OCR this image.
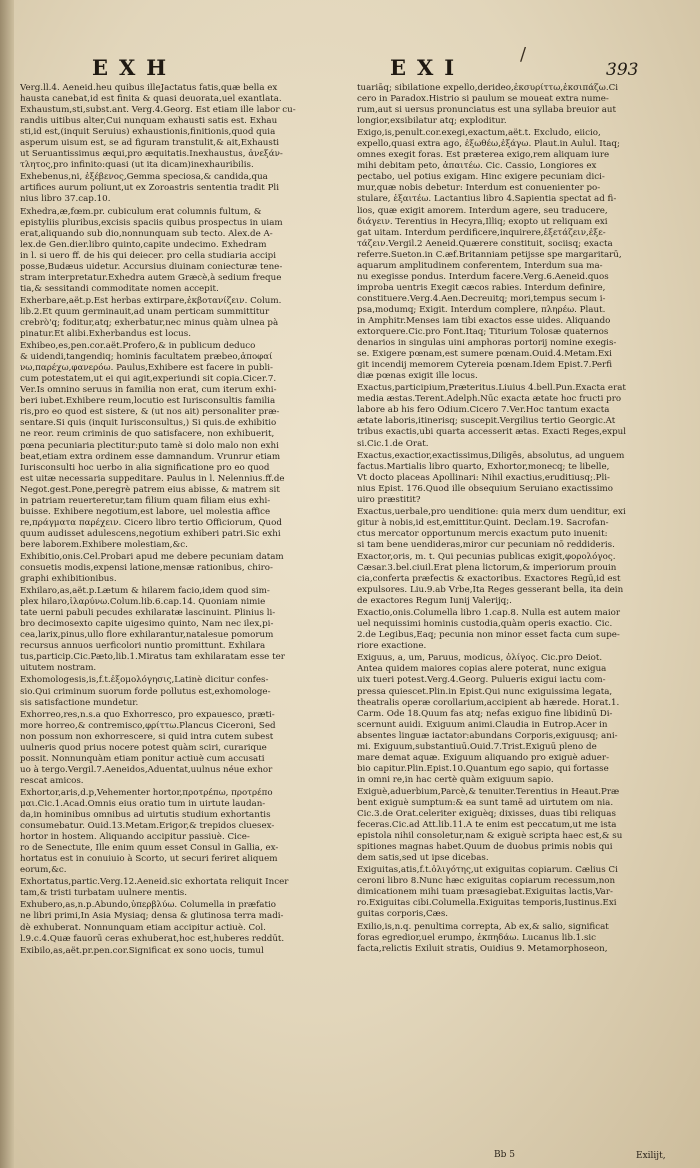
EXH	EXI
/
393
Verg.ll.4. Aeneid.heu quibus illeJactatus fatis,quæ bella ex
hausta canebat,id est finita & quasi deuorata,uel exantlata.
Exhaustum,sti,subst.ant. Verg.4.Georg. Est etiam ille labor cu-
randis uitibus alter,Cui nunquam exhausti satis est. Exhau
sti,id est,(inquit Seruius) exhaustionis,finitionis,quod quia
asperum uisum est, se ad figuram transtulit,& ait,Exhausti
ut Seruantissimus æqui,pro æquitatis.Inexhaustus, ἀνεξάν-
τλητος,pro infinito:quasi (ut ita dicam)inexhauribilis.
Exhebenus,ni, ἐξέβενος,Gemma speciosa,& candida,qua
artifices aurum poliunt,ut ex Zoroastris sententia tradit Pli
nius libro 37.cap.10.
Exhedra,æ,fœm.pr. cubiculum erat columnis fultum, &
epistyliis pluribus,excisis spaciis quibus prospectus in uiam
erat,aliquando sub dio,nonnunquam sub tecto. Alex.de A-
lex.de Gen.dier.libro quinto,capite undecimo. Exhedram
in l. si uero ff. de his qui deiecer. pro cella studiaria accipi
posse,Budæus uidetur. Accursius diuinam coniecturæ tene-
stram interpretatur.Exhedra autem Græcè,à sedium freque
tia,& sessitandi commoditate nomen accepit.
Exherbare,aët.p.Est herbas extirpare,ἐκβοτανίζειν. Colum.
lib.2.Et quum germinauit,ad unam perticam summittitur
crebrò'q; foditur,atq; exherbatur,nec minus quàm ulnea pà
pinatur.Et alibi.Exherbandus est locus.
Exhibeo,es,pen.cor.aët.Profero,& in publicum deduco
& uidendi,tangendiq; hominis facultatem præbeo,ἀποφαί
νω,παρέχω,φανερόω. Paulus,Exhibere est facere in publi-
cum potestatem,ut ei qui agit,experiundi sit copia.Cicer.7.
Ver.Is omnino seruus in familia non erat, cum iterum exhi-
beri iubet.Exhibere reum,locutio est Iurisconsultis familia
ris,pro eo quod est sistere, & (ut nos ait) personaliter præ-
sentare.Si quis (inquit Iurisconsultus,) Si quis.de exhibitio
ne reor. reum criminis de quo satisfacere, non exhibuerit,
pœna pecuniaria plectitur:puto tamè si dolo malo non exhi
beat,etiam extra ordinem esse damnandum. Vrunrur etiam
Iurisconsulti hoc uerbo in alia significatione pro eo quod
est uitæ necessaria suppeditare. Paulus in l. Nelennius.ff.de
Negot.gest.Pone,peregrè patrem eius abisse, & matrem sit
in patriam reuerteretur,tam filium quam filiam eius exhi-
buisse. Exhibere negotium,est labore, uel molestia affice
re,πράγματα παρέχειν. Cicero libro tertio Officiorum, Quod
quum audisset adulescens,negotium exhiberi patri.Sic exhi
bere laborem.Exhibere molestiam,&c.
Exhibitio,onis.Cel.Probari apud me debere pecuniam datam
consuetis modis,expensi latione,mensæ rationibus, chiro-
graphi exhibitionibus.
Exhilaro,as,aët.p.Lætum & hilarem facio,idem quod sim-
plex hilaro,ἱλαρύνω.Colum.lib.6.cap.14. Quoniam nimie
tate uerni pabuli pecudes exhilaratæ lascinuint. Plinius li-
bro decimosexto capite uigesimo quinto, Nam nec ilex,pi-
cea,larix,pinus,ullo flore exhilarantur,natalesue pomorum
recursus annuos uerficolori nuntio promittunt. Exhilara
tus,particip.Cic.Pæto,lib.1.Miratus tam exhilaratam esse ter
uitutem nostram.
Exhomologesis,is,f.t.ἐξομολόγησις,Latinè dicitur confes-
sio.Qui criminum suorum forde pollutus est,exhomologe-
sis satisfactione mundetur.
Exhorreo,res,n.s.a quo Exhorresco, pro expauesco, præti-
more horreo,& contremisco,φρίττω.Plancus Ciceroni, Sed
non possum non exhorrescere, si quid intra cutem subest
uulneris quod prius nocere potest quàm sciri, curarique
possit. Nonnunquàm etiam ponitur actiuè cum accusati
uo à tergo.Vergil.7.Aeneidos,Aduentat,uulnus néue exhor
rescat amicos.
Exhortor,aris,d.p,Vehementer hortor,προτρέπω, προτρέπο
μαι.Cic.1.Acad.Omnis eius oratio tum in uirtute laudan-
da,in hominibus omnibus ad uirtutis studium exhortantis
consumebatur. Ouid.13.Metam.Erigor,& trepidos cluesex-
hortor in hostem. Aliquando accipitur passiuè. Cice-
ro de Senectute, Ille enim quum esset Consul in Gallia, ex-
hortatus est in conuiuio à Scorto, ut securi feriret aliquem
eorum,&c.
Exhortatus,partic.Verg.12.Aeneid.sic exhortata reliquit Incer
tam,& tristi turbatam uulnere mentis.
Exhubero,as,n.p.Abundo,ὑπερβλύω. Columella in præfatio
ne libri primi,In Asia Mysiaq; densa & glutinosa terra madi-
dè exhuberat. Nonnunquam etiam accipitur actiuè. Col.
l.9.c.4.Quæ fauorū ceras exhuberat,hoc est,huberes reddūt.
Exibilo,as,aët.pr.pen.cor.Significat ex sono uocis, tumul
tuariāq; sibilatione expello,derideo,ἐκσυρίττω,ἐκσιπάζω.Ci
cero in Paradox.Histrio si paulum se moueat extra nume-
rum,aut si uersus pronunciatus est una syllaba breuior aut
longior,exsibilatur atq; exploditur.
Exigo,is,penult.cor.exegi,exactum,aët.t. Excludo, eiicio,
expello,quasi extra ago, ἐξωθέω,ἐξάγω. Plaut.in Aulul. Itaq;
omnes exegit foras. Est præterea exigo,rem aliquam iure
mihi debitam peto, ἀπαιτέω. Cic. Cassio, Longiores ex
pectabo, uel potius exigam. Hinc exigere pecuniam dici-
mur,quæ nobis debetur: Interdum est conuenienter po-
stulare, ἐξαιτέω. Lactantius libro 4.Sapientia spectat ad fi-
lios, quæ exigit amorem. Interdum agere, seu traducere,
διάγειν. Terentius in Hecyra,Illiq; exopto ut reliquam exi
gat uitam. Interdum perdificere,inquirere,ἐξετάζειν,ἐξε-
τάζειν.Vergil.2 Aeneid.Quærere constituit, sociisq; exacta
referre.Sueton.in C.æf.Britanniam petijsse spe margaritarū,
aquarum amplitudinem conferentem, Interdum sua ma-
nu exegisse pondus. Interdum facere.Verg.6.Aeneid.quos
improba uentris Exegit cæcos rabies. Interdum definire,
constituere.Verg.4.Aen.Decreuitq; mori,tempus secum i-
psa,modumq; Exigit. Interdum complere, πληρέω. Plaut.
in Amphitr.Menses iam tibi exactos esse uides. Aliquando
extorquere.Cic.pro Font.Itaq; Titurium Tolosæ quaternos
denarios in singulas uini amphoras portorij nomine exegis-
se. Exigere pœnam,est sumere pœnam.Ouid.4.Metam.Exi
git incendij memorem Cytereia pœnam.Idem Epist.7.Perfi
diæ pœnas exigit ille locus.
Exactus,participium,Præteritus.Liuius 4.bell.Pun.Exacta erat
media æstas.Terent.Adelph.Nūc exacta ætate hoc fructi pro
labore ab his fero Odium.Cicero 7.Ver.Hoc tantum exacta
ætate laboris,itinerisq; suscepit.Vergilius tertio Georgic.At
tribus exactis,ubi quarta accesserit ætas. Exacti Reges,expul
si.Cic.1.de Orat.
Exactus,exactior,exactissimus,Diligēs, absolutus, ad unguem
factus.Martialis libro quarto, Exhortor,monecq; te libelle,
Vt docto placeas Apollinari: Nihil exactius,eruditiusq;.Pli-
nius Epist. 176.Quod ille obsequium Seruiano exactissimo
uiro præstitit?
Exactus,uerbale,pro uenditione: quia merx dum uenditur, exi
gitur à nobis,id est,emittitur.Quint. Declam.19. Sacrofan-
ctus mercator opportunum mercis exactum puto inuenit:
si tam bene uendideras,miror cur pecuniam nō reddideris.
Exactor,oris, m. t. Qui pecunias publicas exigit,φορολόγος.
Cæsar.3.bel.ciuil.Erat plena lictorum,& imperiorum prouin
cia,conferta præfectis & exactoribus. Exactores Regū,id est
expulsores. Liu.9.ab Vrbe,Ita Reges gesserant bella, ita dein
de exactores Regum Iunij Valerijq;.
Exactio,onis.Columella libro 1.cap.8. Nulla est autem maior
uel nequissimi hominis custodia,quàm operis exactio. Cic.
2.de Legibus,Eaq; pecunia non minor esset facta cum supe-
riore exactione.
Exiguus, a, um, Paruus, modicus, ὀλίγος. Cic.pro Deiot.
Antea quidem maiores copias alere poterat, nunc exigua
uix tueri potest.Verg.4.Georg. Pulueris exigui iactu com-
pressa quiescet.Plin.in Epist.Qui nunc exiguissima legata,
theatralis operæ corollarium,accipient ab hærede. Horat.1.
Carm. Ode 18.Quum fas atq; nefas exiguo fine libidinū Di-
scernunt auidi. Exiguum animi.Claudia in Eutrop.Acer in
absentes linguæ iactator:abundans Corporis,exiguusq; ani-
mi. Exiguum,substantiuū.Ouid.7.Trist.Exiguū pleno de
mare demat aquæ. Exiguum aliquando pro exiguè aduer-
bio capitur.Plin.Epist.10.Quantum ego sapio, qui fortasse
in omni re,in hac certè quàm exiguum sapio.
Exiguè,aduerbium,Parcè,& tenuiter.Terentius in Heaut.Præ
bent exiguè sumptum:& ea sunt tamē ad uirtutem om nia.
Cic.3.de Orat.celeriter exiguèq; dixisses, duas tibi reliquas
feceras.Cic.ad Att.lib.11.A te enim est peccatum,ut me ista
epistola nihil consoletur,nam & exiguè scripta haec est,& su
spitiones magnas habet.Quum de duobus primis nobis qui
dem satis,sed ut ipse dicebas.
Exiguitas,atis,f.t.ὀλιγότης,ut exiguitas copiarum. Cælius Ci
ceroni libro 8.Nunc hæc exiguitas copiarum recessum,non
dimicationem mihi tuam præsagiebat.Exiguitas lactis,Var-
ro.Exiguitas cibi.Columella.Exiguitas temporis,Iustinus.Exi
guitas corporis,Cæs.
Exilio,is,n.q. penultima correpta, Ab ex,& salio, significat
foras egredior,uel erumpo, ἐκπηδάω. Lucanus lib.1.sic
facta,relictis Exiluit stratis, Ouidius 9. Metamorphoseon,
Bb 5	Exilijt,
